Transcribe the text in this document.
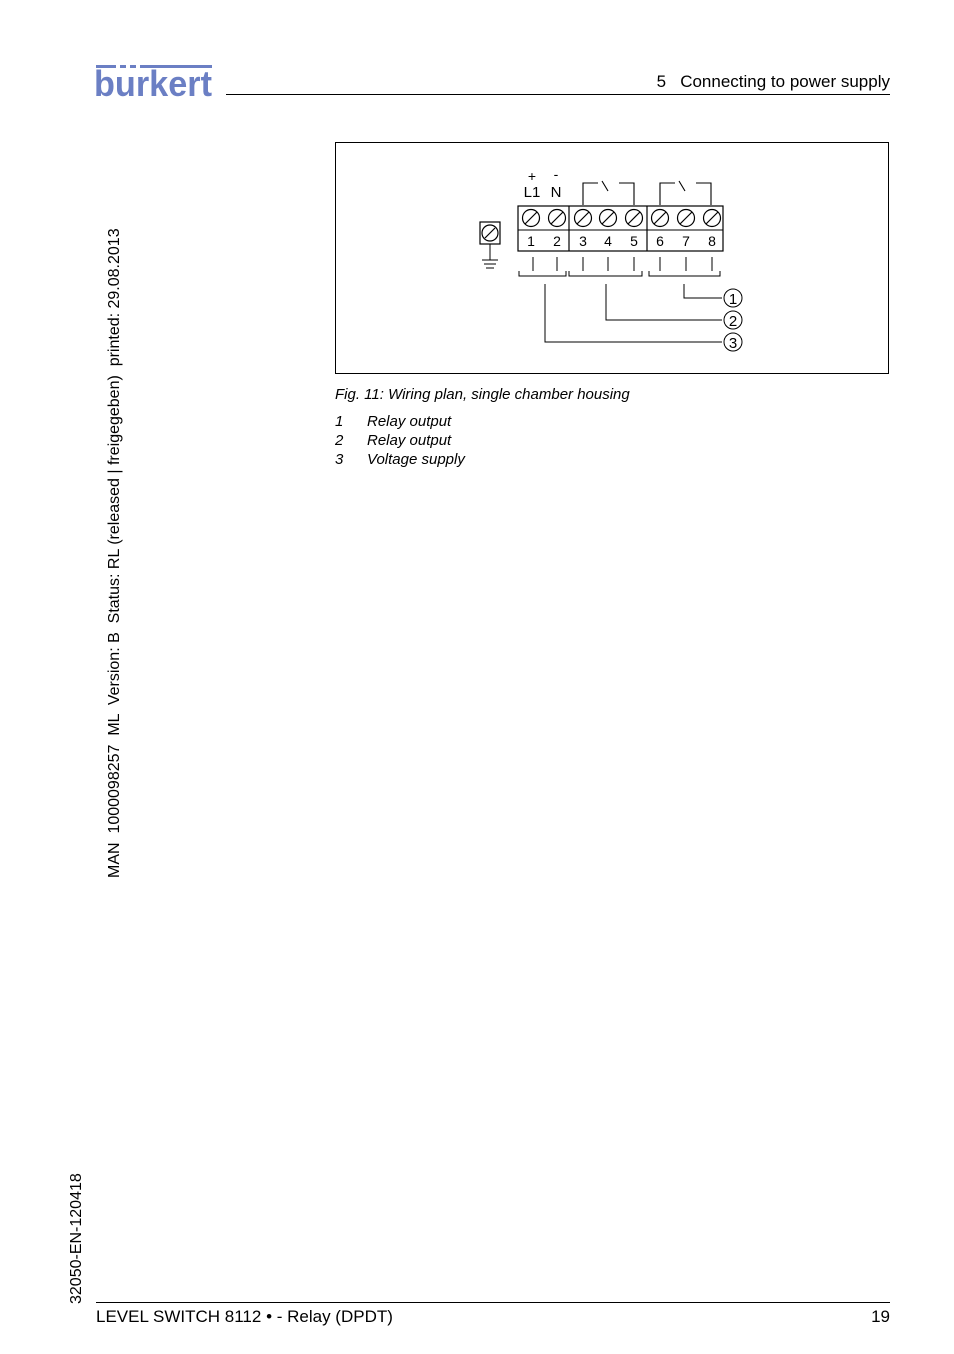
burkert	5   Connecting to power supply
MAN  1000098257  ML  Version: B  Status: RL (released | freigegeben)  printed: 29.08.2013
32050-EN-120418
+ -
L1 N
1 2 3 4 5 6 7 8
1
2
3
Fig. 11: Wiring plan, single chamber housing
1 Relay output
2 Relay output
3 Voltage supply
LEVEL SWITCH 8112 • - Relay (DPDT)	19
